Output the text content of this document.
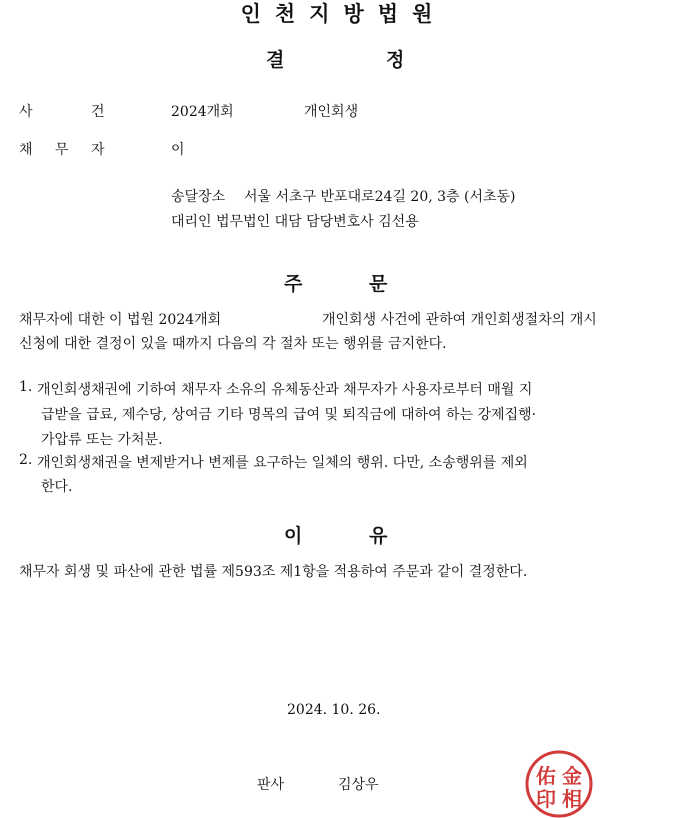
인천지방법원
결	정
사	건	2024개회	개인회생
채 무 자	이
송달장소 서울 서초구 반포대로24길 20, 3층 (서초동)
대리인 법무법인 대담 담당변호사 김선용
주	문
채무자에 대한 이 법원 2024개회	개인회생 사건에 관하여 개인회생절차의 개시
신청에 대한 결정이 있을 때까지 다음의 각 절차 또는 행위를 금지한다.
1. 개인회생채권에 기하여 채무자 소유의 유체동산과 채무자가 사용자로부터 매월 지
급받을 급료, 제수당, 상여금 기타 명목의 급여 및 퇴직금에 대하여 하는 강제집행·
가압류 또는 가처분.
2. 개인회생채권을 변제받거나 변제를 요구하는 일체의 행위. 다만, 소송행위를 제외
한다.
이	유
채무자 회생 및 파산에 관한 법률 제593조 제1항을 적용하여 주문과 같이 결정한다.
2024. 10. 26.
판사	김상우	佑 金
印 相
